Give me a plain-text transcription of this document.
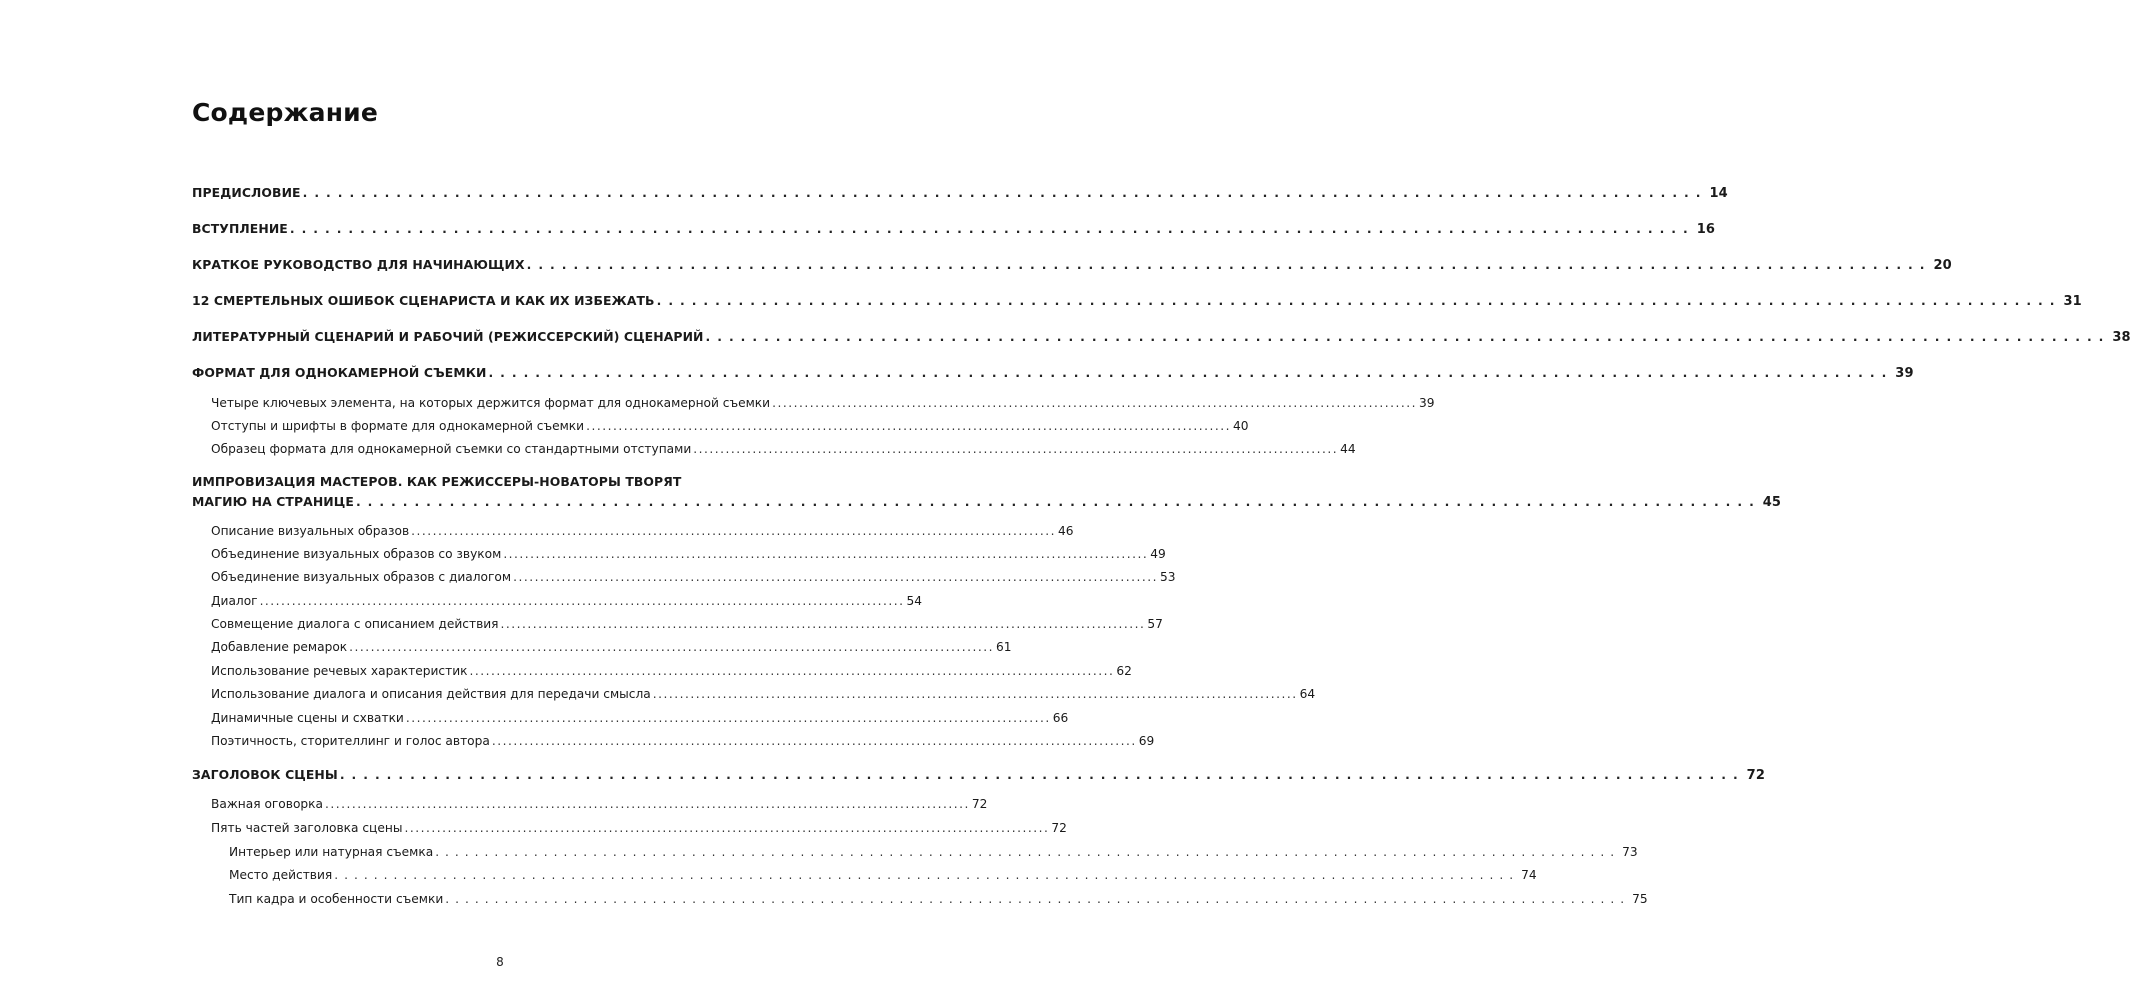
Содержание
ПРЕДИСЛОВИЕ ........................................................................................................................ 14
ВСТУПЛЕНИЕ ........................................................................................................................ 16
КРАТКОЕ РУКОВОДСТВО ДЛЯ НАЧИНАЮЩИХ ........................................................................................................................ 20
12 СМЕРТЕЛЬНЫХ ОШИБОК СЦЕНАРИСТА И КАК ИХ ИЗБЕЖАТЬ ........................................................................................................................ 31
ЛИТЕРАТУРНЫЙ СЦЕНАРИЙ И РАБОЧИЙ (РЕЖИССЕРСКИЙ) СЦЕНАРИЙ ........................................................................................................................ 38
ФОРМАТ ДЛЯ ОДНОКАМЕРНОЙ СЪЕМКИ ........................................................................................................................ 39
Четыре ключевых элемента, на которых держится формат для однокамерной съемки ........................................................................................................................ 39
Отступы и шрифты в формате для однокамерной съемки ........................................................................................................................ 40
Образец формата для однокамерной съемки со стандартными отступами ........................................................................................................................ 44
ИМПРОВИЗАЦИЯ МАСТЕРОВ. КАК РЕЖИССЕРЫ-НОВАТОРЫ ТВОРЯТ
МАГИЮ НА СТРАНИЦЕ ........................................................................................................................ 45
Описание визуальных образов ........................................................................................................................ 46
Объединение визуальных образов со звуком ........................................................................................................................ 49
Объединение визуальных образов с диалогом ........................................................................................................................ 53
Диалог ........................................................................................................................ 54
Совмещение диалога с описанием действия ........................................................................................................................ 57
Добавление ремарок ........................................................................................................................ 61
Использование речевых характеристик ........................................................................................................................ 62
Использование диалога и описания действия для передачи смысла ........................................................................................................................ 64
Динамичные сцены и схватки ........................................................................................................................ 66
Поэтичность, сторителлинг и голос автора ........................................................................................................................ 69
ЗАГОЛОВОК СЦЕНЫ ........................................................................................................................ 72
Важная оговорка ........................................................................................................................ 72
Пять частей заголовка сцены ........................................................................................................................ 72
Интерьер или натурная съемка ........................................................................................................................ 73
Место действия ........................................................................................................................ 74
Тип кадра и особенности съемки ........................................................................................................................ 75
8
